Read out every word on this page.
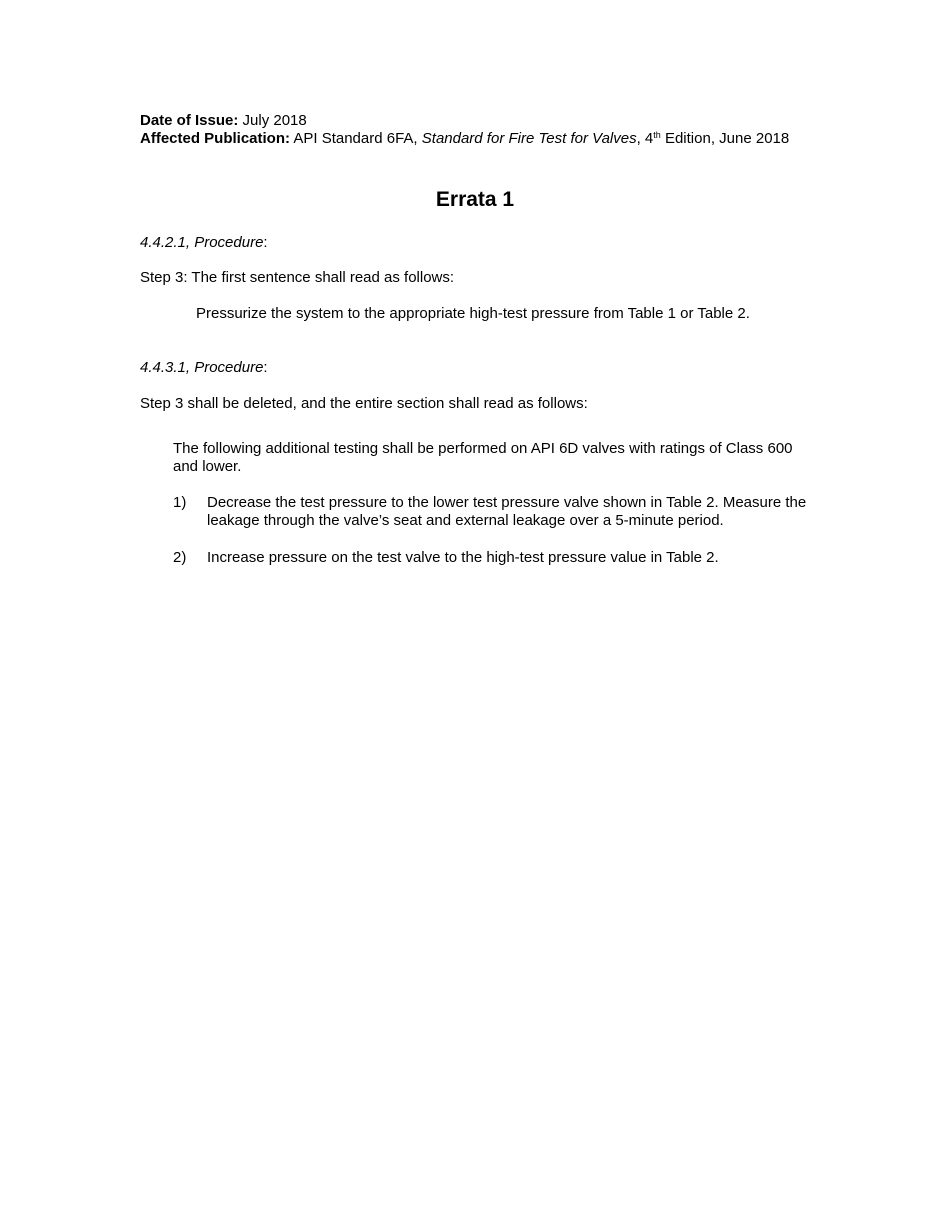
Date of Issue: July 2018
Affected Publication: API Standard 6FA, Standard for Fire Test for Valves, 4th Edition, June 2018
Errata 1
4.4.2.1, Procedure:
Step 3: The first sentence shall read as follows:
Pressurize the system to the appropriate high-test pressure from Table 1 or Table 2.
4.4.3.1, Procedure:
Step 3 shall be deleted, and the entire section shall read as follows:
The following additional testing shall be performed on API 6D valves with ratings of Class 600 and lower.
1) Decrease the test pressure to the lower test pressure valve shown in Table 2. Measure the leakage through the valve’s seat and external leakage over a 5-minute period.
2) Increase pressure on the test valve to the high-test pressure value in Table 2.
